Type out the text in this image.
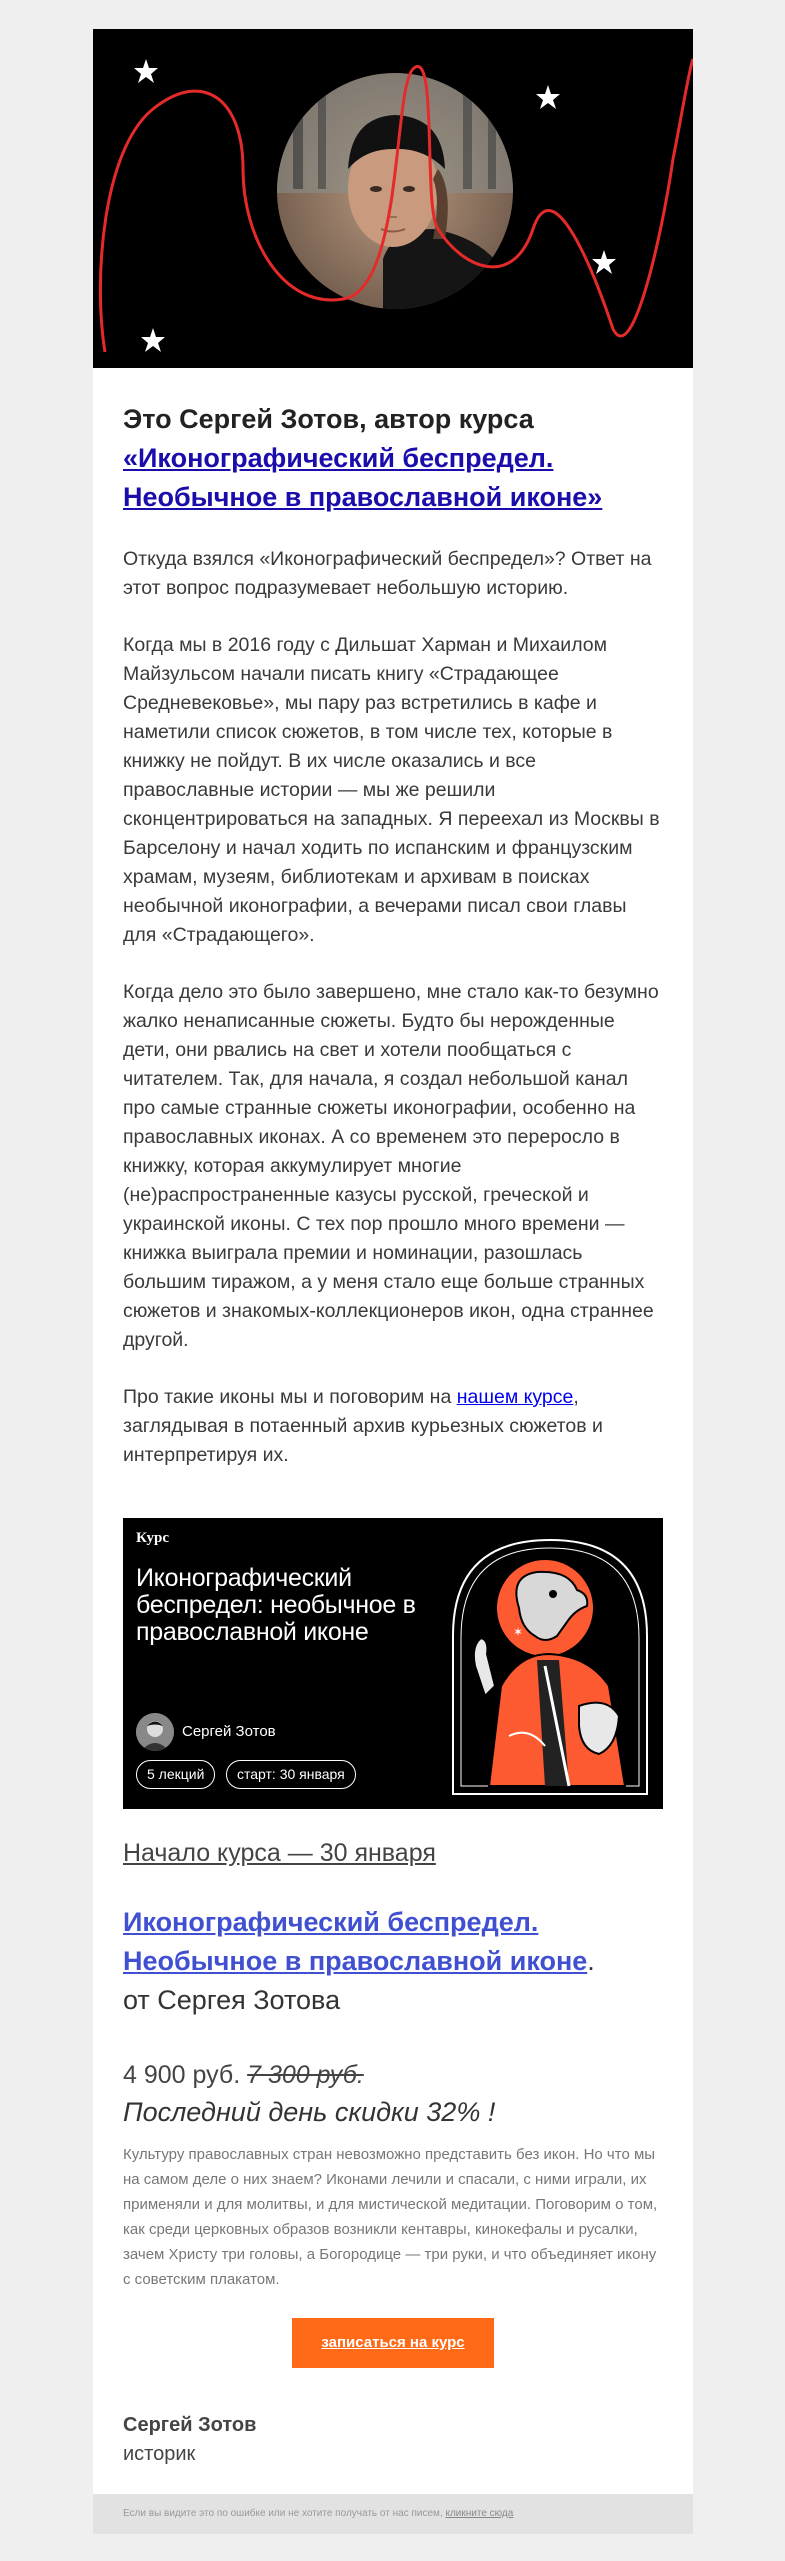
Это Сергей Зотов, автор курса
«Иконографический беспредел. Необычное в православной иконе»

Откуда взялся «Иконографический беспредел»? Ответ на этот вопрос подразумевает небольшую историю.

Когда мы в 2016 году с Дильшат Харман и Михаилом Майзульсом начали писать книгу «Страдающее Средневековье», мы пару раз встретились в кафе и наметили список сюжетов, в том числе тех, которые в книжку не пойдут. В их числе оказались и все православные истории — мы же решили сконцентрироваться на западных. Я переехал из Москвы в Барселону и начал ходить по испанским и французским храмам, музеям, библиотекам и архивам в поисках необычной иконографии, а вечерами писал свои главы для «Страдающего».

Когда дело это было завершено, мне стало как-то безумно жалко ненаписанные сюжеты. Будто бы нерожденные дети, они рвались на свет и хотели пообщаться с читателем. Так, для начала, я создал небольшой канал про самые странные сюжеты иконографии, особенно на православных иконах. А со временем это переросло в книжку, которая аккумулирует многие (не)распространенные казусы русской, греческой и украинской иконы. С тех пор прошло много времени — книжка выиграла премии и номинации, разошлась большим тиражом, а у меня стало еще больше странных сюжетов и знакомых-коллекционеров икон, одна страннее другой.

Про такие иконы мы и поговорим на нашем курсе, заглядывая в потаенный архив курьезных сюжетов и интерпретируя их.

Курс
Иконографический беспредел: необычное в православной иконе
Сергей Зотов
5 лекций	старт: 30 января
✶
Начало курса — 30 января
Иконографический беспредел. Необычное в православной иконе.
от Сергея Зотова
4 900 руб. 7 300 руб.
Последний день скидки 32% !

Культуру православных стран невозможно представить без икон. Но что мы на самом деле о них знаем? Иконами лечили и спасали, с ними играли, их применяли и для молитвы, и для мистической медитации. Поговорим о том, как среди церковных образов возникли кентавры, кинокефалы и русалки, зачем Христу три головы, а Богородице — три руки, и что объединяет икону с советским плакатом.

записаться на курс
Сергей Зотов
историк
Если вы видите это по ошибке или не хотите получать от нас писем, кликните сюда
